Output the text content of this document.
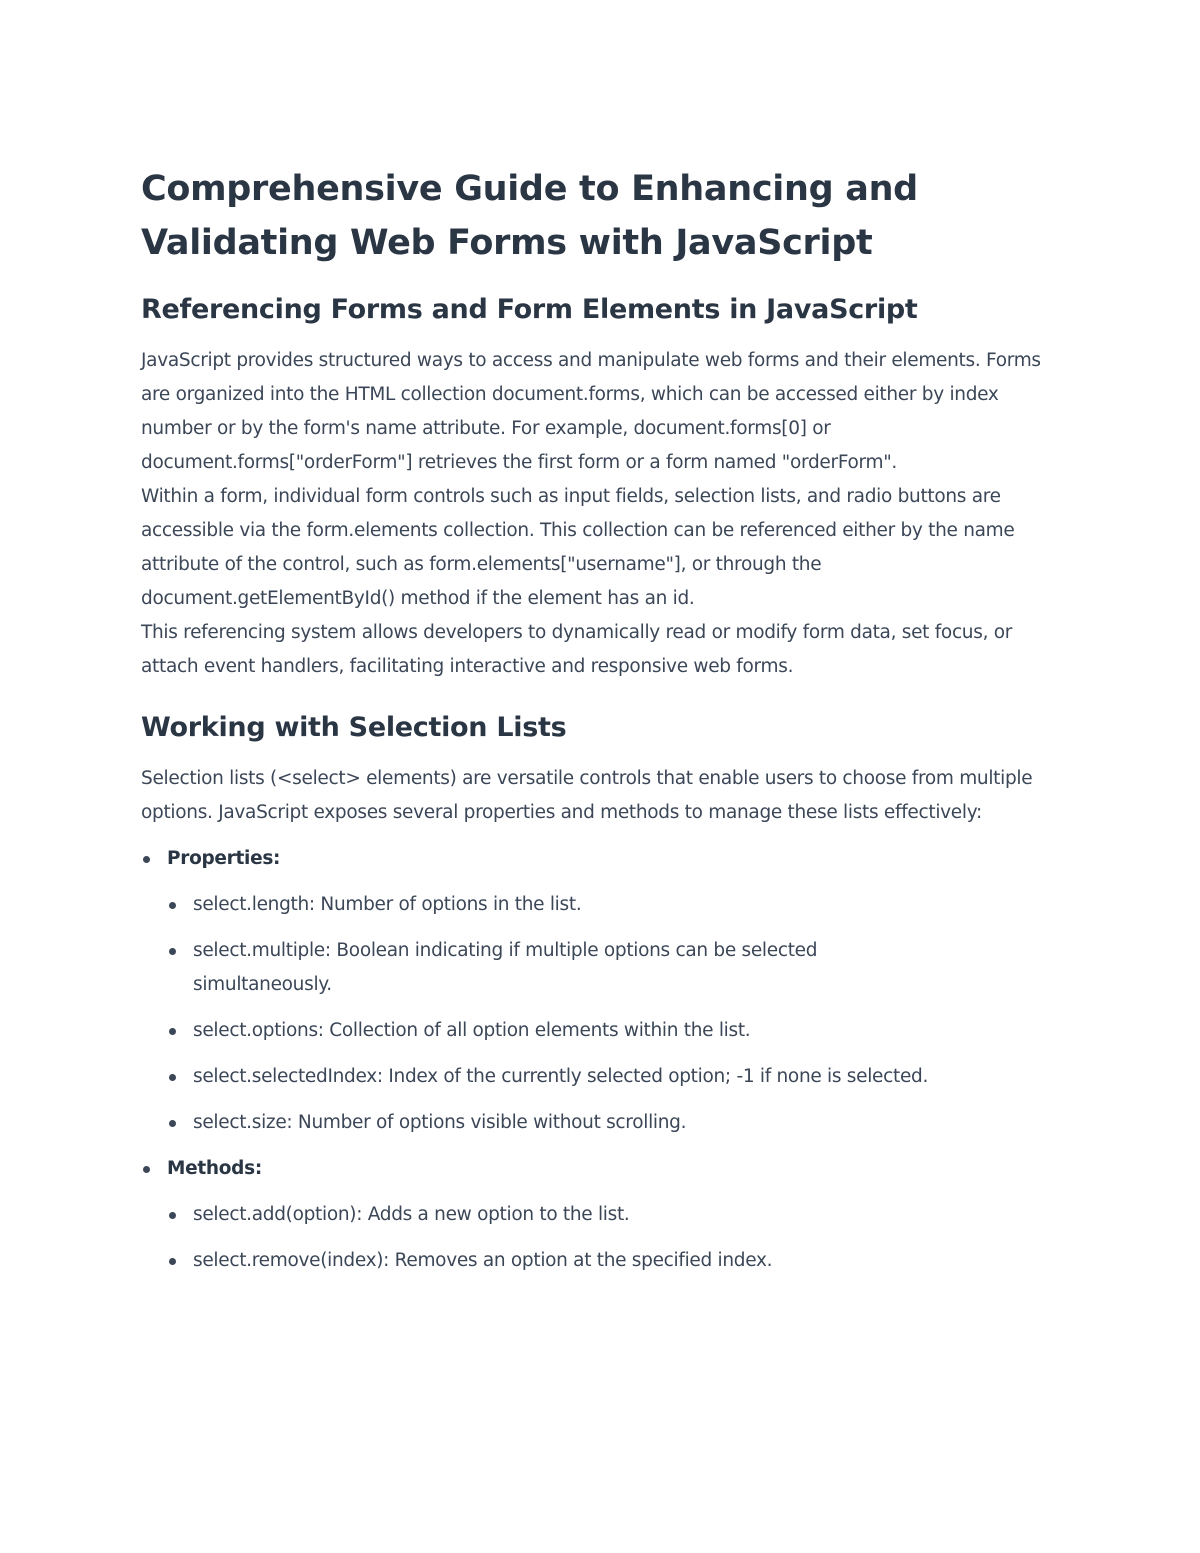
Comprehensive Guide to Enhancing and Validating Web Forms with JavaScript
Referencing Forms and Form Elements in JavaScript

JavaScript provides structured ways to access and manipulate web forms and their elements. Forms are organized into the HTML collection document.forms, which can be accessed either by index number or by the form's name attribute. For example, document.forms[0] or document.forms["orderForm"] retrieves the first form or a form named "orderForm".

Within a form, individual form controls such as input fields, selection lists, and radio buttons are accessible via the form.elements collection. This collection can be referenced either by the name attribute of the control, such as form.elements["username"], or through the document.getElementById() method if the element has an id.

This referencing system allows developers to dynamically read or modify form data, set focus, or attach event handlers, facilitating interactive and responsive web forms.

Working with Selection Lists

Selection lists (<select> elements) are versatile controls that enable users to choose from multiple options. JavaScript exposes several properties and methods to manage these lists effectively:

Properties:
select.length: Number of options in the list.
select.multiple: Boolean indicating if multiple options can be selected simultaneously.
select.options: Collection of all option elements within the list.
select.selectedIndex: Index of the currently selected option; -1 if none is selected.
select.size: Number of options visible without scrolling.
Methods:
select.add(option): Adds a new option to the list.
select.remove(index): Removes an option at the specified index.
